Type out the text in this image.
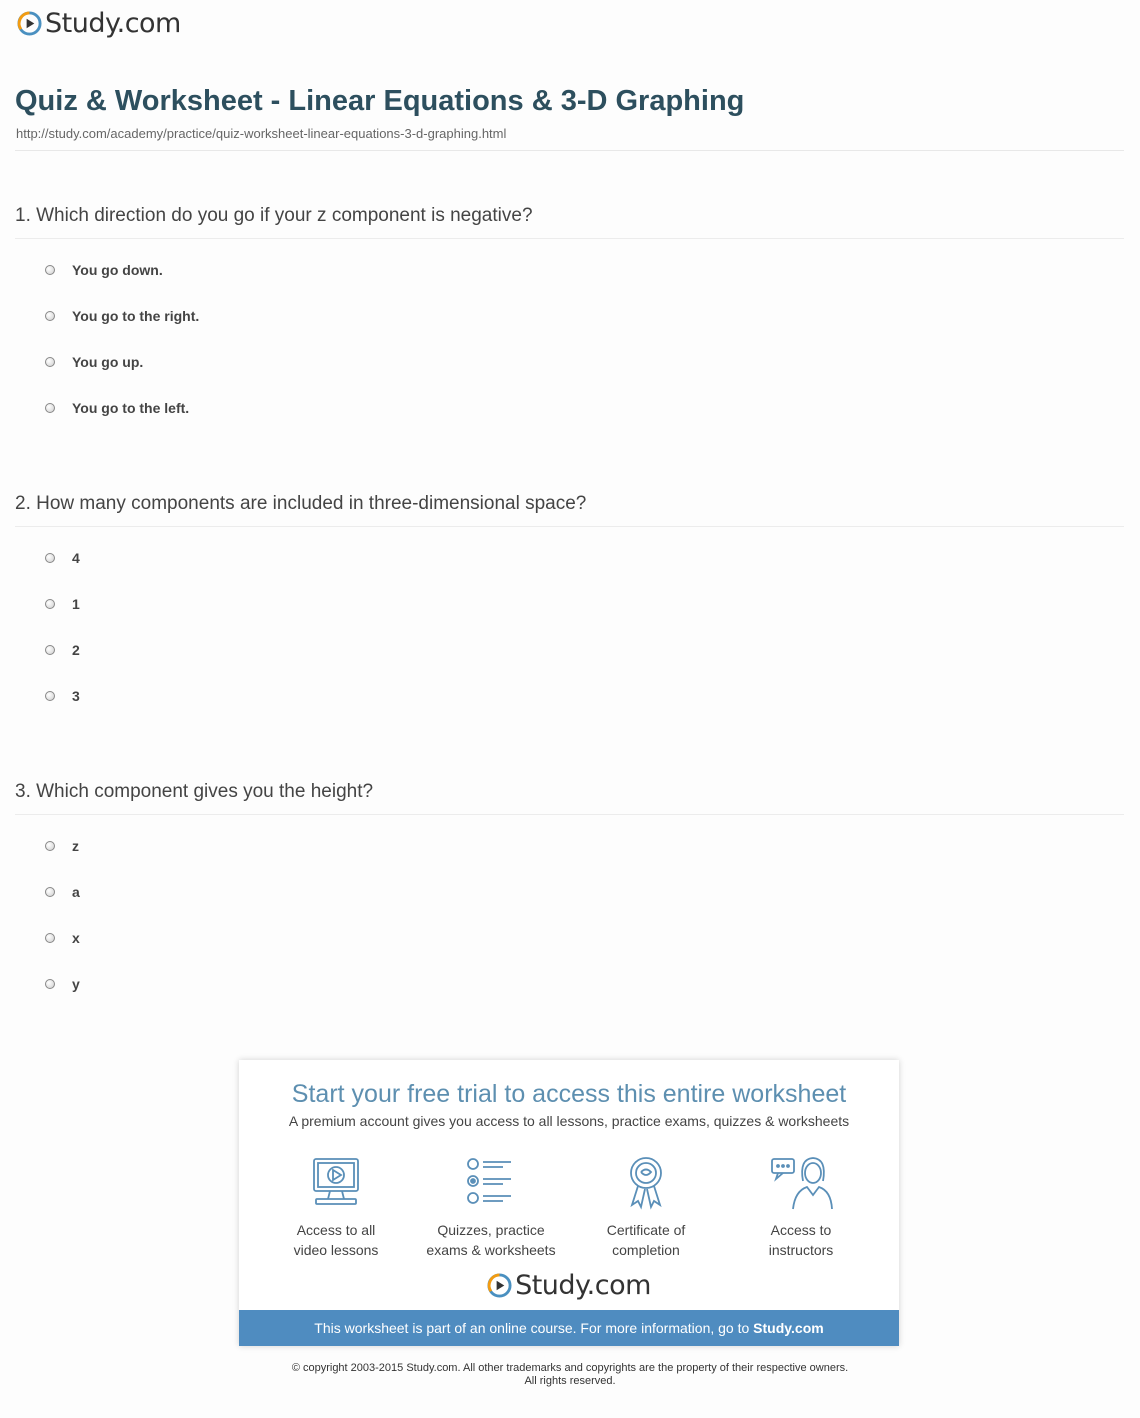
Study.com
Quiz & Worksheet - Linear Equations & 3-D Graphing
http://study.com/academy/practice/quiz-worksheet-linear-equations-3-d-graphing.html

1. Which direction do you go if your z component is negative?

You go down.
You go to the right.
You go up.
You go to the left.

2. How many components are included in three-dimensional space?

4
1
2
3

3. Which component gives you the height?

z
a
x
y
Start your free trial to access this entire worksheet
A premium account gives you access to all lessons, practice exams, quizzes & worksheets
Access to all
video lessons
Quizzes, practice
exams & worksheets
Certificate of
completion
Access to
instructors
Study.com
This worksheet is part of an online course. For more information, go to Study.com
© copyright 2003-2015 Study.com. All other trademarks and copyrights are the property of their respective owners.
All rights reserved.
